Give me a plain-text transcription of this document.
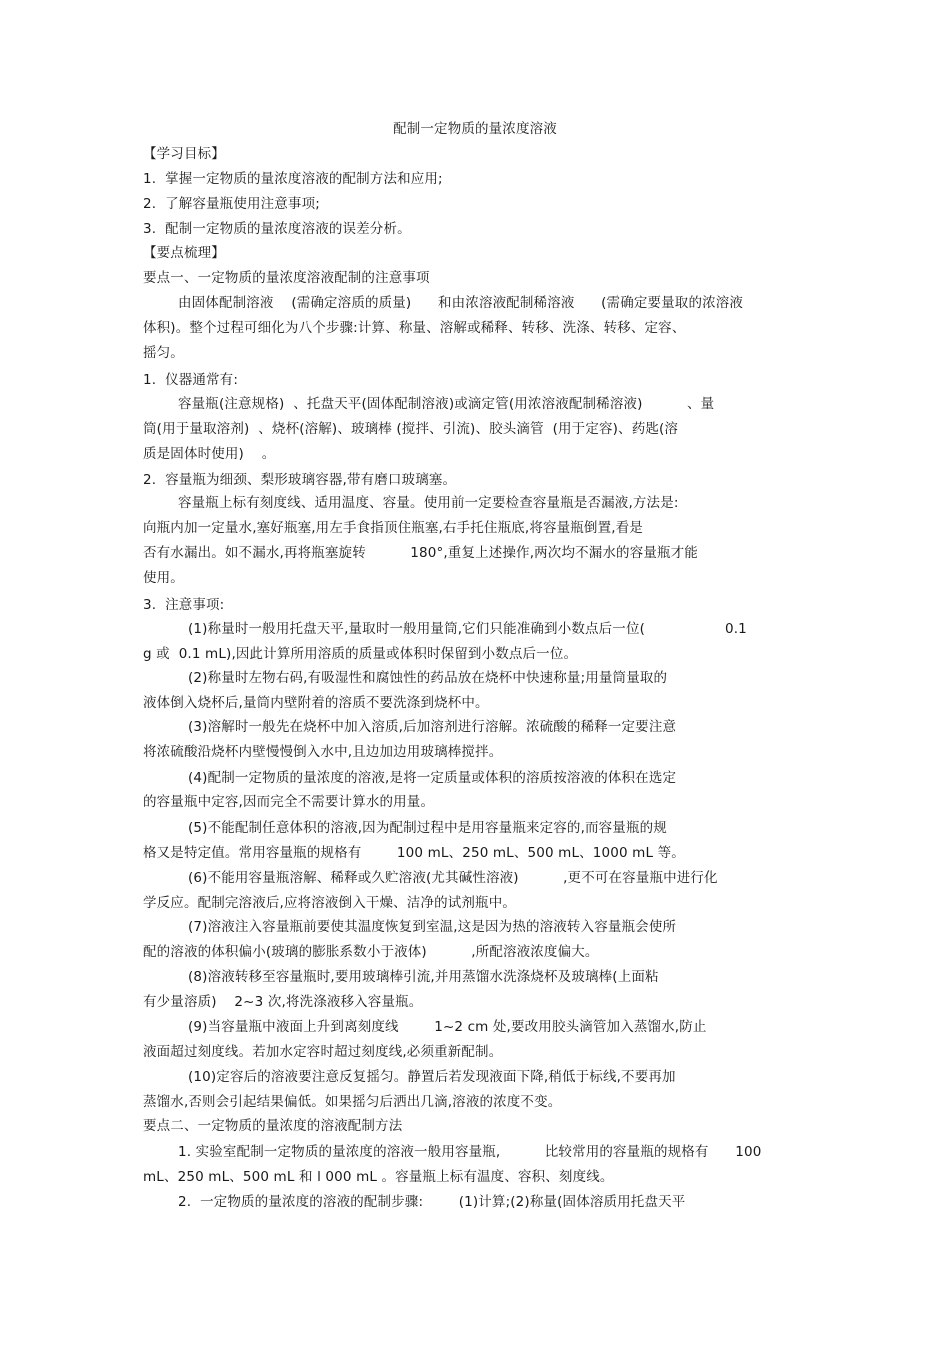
配制一定物质的量浓度溶液
【学习目标】
1.  掌握一定物质的量浓度溶液的配制方法和应用;
2.  了解容量瓶使用注意事项;
3.  配制一定物质的量浓度溶液的误差分析。
【要点梳理】
要点一、一定物质的量浓度溶液配制的注意事项
由固体配制溶液    (需确定溶质的质量)      和由浓溶液配制稀溶液      (需确定要量取的浓溶液
体积)。整个过程可细化为八个步骤:计算、称量、溶解或稀释、转移、洗涤、转移、定容、
摇匀。
1.  仪器通常有:
容量瓶(注意规格)  、托盘天平(固体配制溶液)或滴定管(用浓溶液配制稀溶液)          、量
筒(用于量取溶剂)  、烧杯(溶解)、玻璃棒 (搅拌、引流)、胶头滴管  (用于定容)、药匙(溶
质是固体时使用)    。
2.  容量瓶为细颈、梨形玻璃容器,带有磨口玻璃塞。
容量瓶上标有刻度线、适用温度、容量。使用前一定要检查容量瓶是否漏液,方法是:
向瓶内加一定量水,塞好瓶塞,用左手食指顶住瓶塞,右手托住瓶底,将容量瓶倒置,看是
否有水漏出。如不漏水,再将瓶塞旋转          180°,重复上述操作,两次均不漏水的容量瓶才能
使用。
3.  注意事项:
(1)称量时一般用托盘天平,量取时一般用量筒,它们只能准确到小数点后一位(                  0.1
g 或  0.1 mL),因此计算所用溶质的质量或体积时保留到小数点后一位。
(2)称量时左物右码,有吸湿性和腐蚀性的药品放在烧杯中快速称量;用量筒量取的
液体倒入烧杯后,量筒内壁附着的溶质不要洗涤到烧杯中。
(3)溶解时一般先在烧杯中加入溶质,后加溶剂进行溶解。浓硫酸的稀释一定要注意
将浓硫酸沿烧杯内壁慢慢倒入水中,且边加边用玻璃棒搅拌。
(4)配制一定物质的量浓度的溶液,是将一定质量或体积的溶质按溶液的体积在选定
的容量瓶中定容,因而完全不需要计算水的用量。
(5)不能配制任意体积的溶液,因为配制过程中是用容量瓶来定容的,而容量瓶的规
格又是特定值。常用容量瓶的规格有        100 mL、250 mL、500 mL、1000 mL 等。
(6)不能用容量瓶溶解、稀释或久贮溶液(尤其碱性溶液)          ,更不可在容量瓶中进行化
学反应。配制完溶液后,应将溶液倒入干燥、洁净的试剂瓶中。
(7)溶液注入容量瓶前要使其温度恢复到室温,这是因为热的溶液转入容量瓶会使所
配的溶液的体积偏小(玻璃的膨胀系数小于液体)          ,所配溶液浓度偏大。
(8)溶液转移至容量瓶时,要用玻璃棒引流,并用蒸馏水洗涤烧杯及玻璃棒(上面粘
有少量溶质)    2~3 次,将洗涤液移入容量瓶。
(9)当容量瓶中液面上升到离刻度线        1~2 cm 处,要改用胶头滴管加入蒸馏水,防止
液面超过刻度线。若加水定容时超过刻度线,必须重新配制。
(10)定容后的溶液要注意反复摇匀。静置后若发现液面下降,稍低于标线,不要再加
蒸馏水,否则会引起结果偏低。如果摇匀后洒出几滴,溶液的浓度不变。
要点二、一定物质的量浓度的溶液配制方法
1. 实验室配制一定物质的量浓度的溶液一般用容量瓶,          比较常用的容量瓶的规格有      100
mL、250 mL、500 mL 和 l 000 mL 。容量瓶上标有温度、容积、刻度线。
2.  一定物质的量浓度的溶液的配制步骤:        (1)计算;(2)称量(固体溶质用托盘天平
